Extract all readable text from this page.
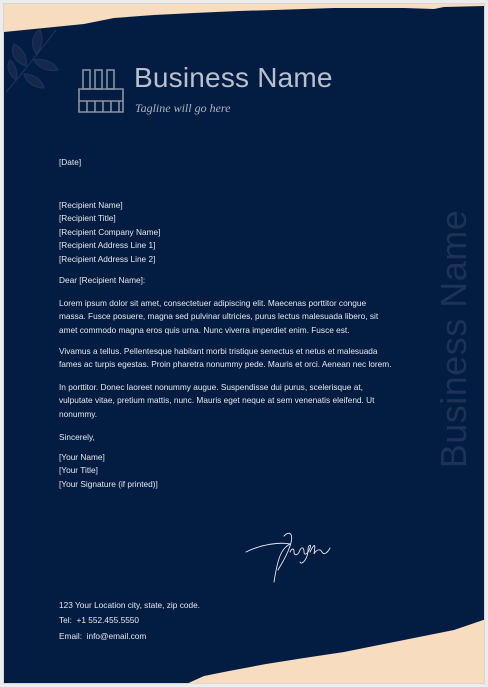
Business Name

Tagline will go here

[Date]
[Recipient Name]
[Recipient Title]
[Recipient Company Name]
[Recipient Address Line 1]
[Recipient Address Line 2]
Dear [Recipient Name]:
Lorem ipsum dolor sit amet, consectetuer adipiscing elit. Maecenas porttitor congue
massa. Fusce posuere, magna sed pulvinar ultricies, purus lectus malesuada libero, sit
amet commodo magna eros quis urna. Nunc viverra imperdiet enim. Fusce est.
Vivamus a tellus. Pellentesque habitant morbi tristique senectus et netus et malesuada
fames ac turpis egestas. Proin pharetra nonummy pede. Mauris et orci. Aenean nec lorem.
In porttitor. Donec laoreet nonummy augue. Suspendisse dui purus, scelerisque at,
vulputate vitae, pretium mattis, nunc. Mauris eget neque at sem venenatis eleifend. Ut
nonummy.
Sincerely,
[Your Name]
[Your Title]
[Your Signature (if printed)]

123 Your Location city, state, zip code.

Tel:  +1 552.455.5550

Email:  info@email.com

Business Name
